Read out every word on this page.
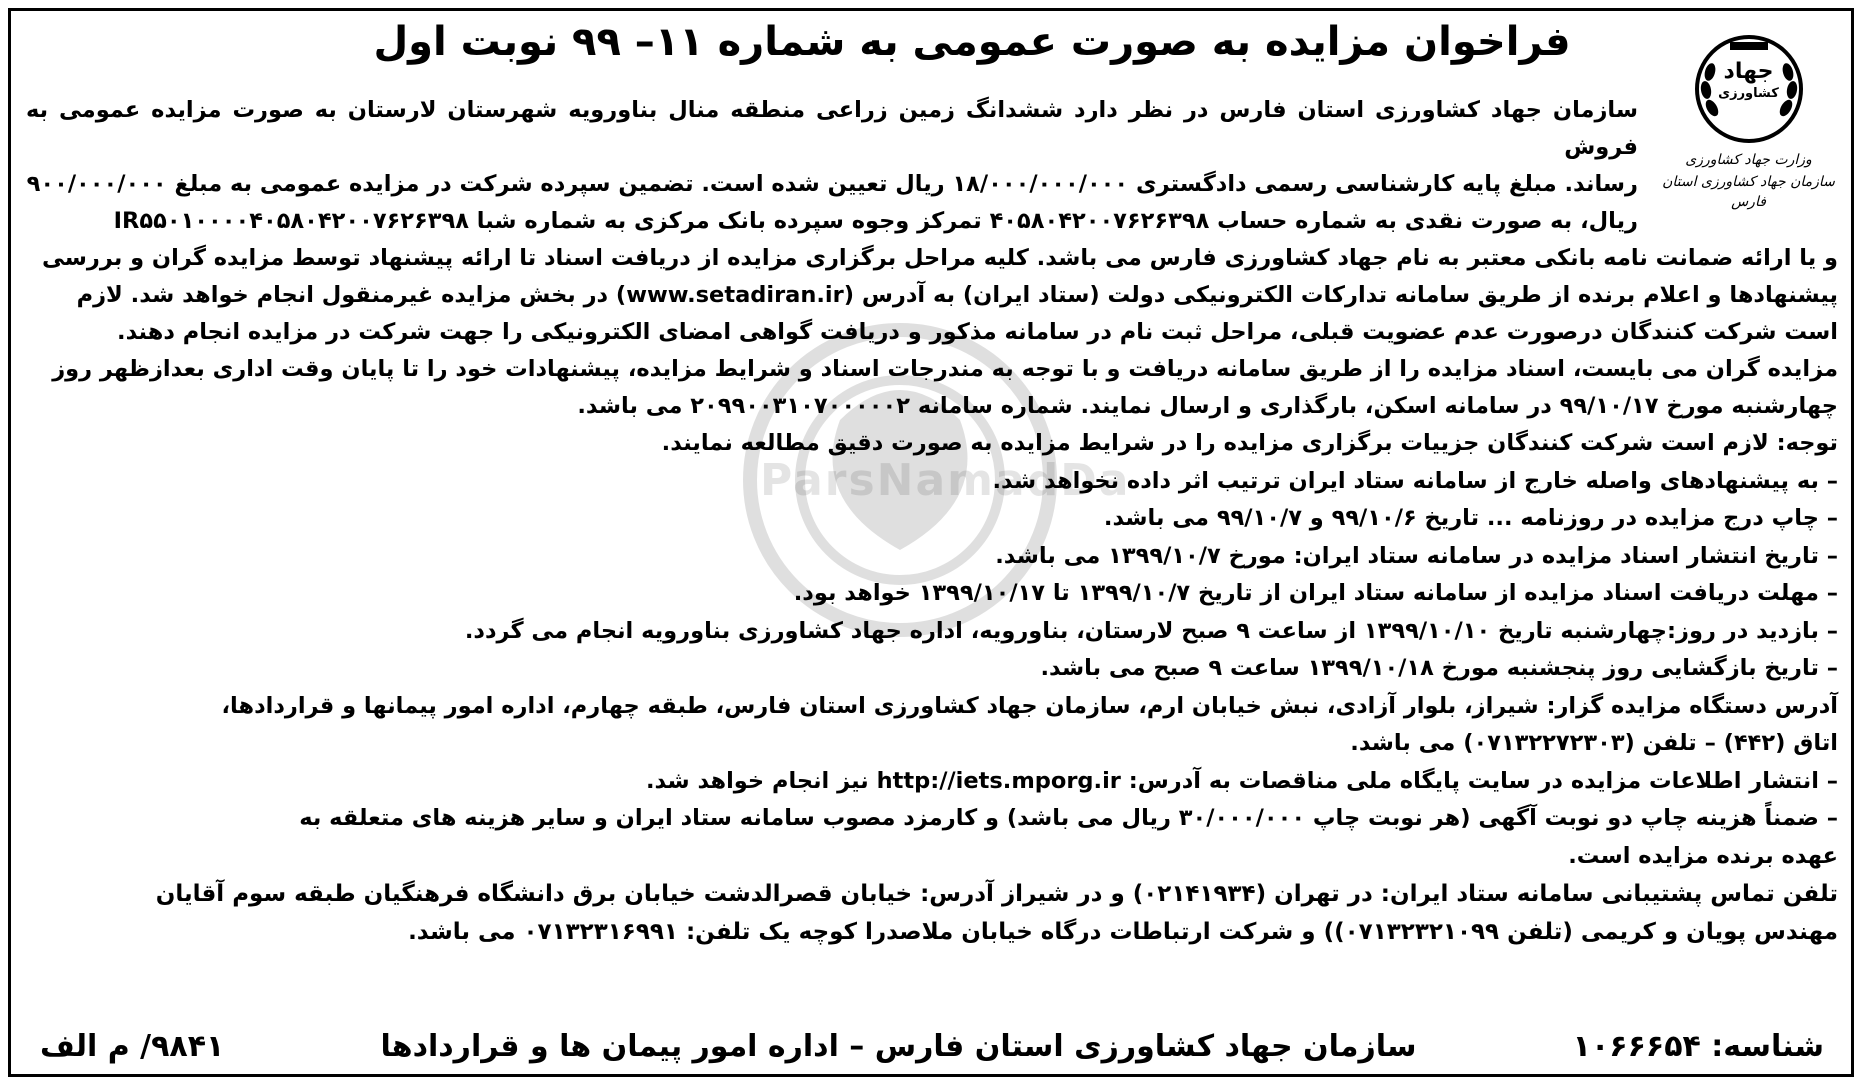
ParsNamadDa
جهاد
کشاورزی
وزارت جهاد کشاورزی
سازمان جهاد کشاورزی استان فارس
فراخوان مزایده به صورت عمومی به شماره ۱۱– ۹۹ نوبت اول

سازمان جهاد کشاورزی استان فارس در نظر دارد ششدانگ زمین زراعی منطقه منال بناورویه شهرستان لارستان به صورت مزایده عمومی به فروش

رساند. مبلغ پایه کارشناسی رسمی دادگستری ۱۸/۰۰۰/۰۰۰/۰۰۰ ریال تعیین شده است. تضمین سپرده شرکت در مزایده عمومی به مبلغ ۹۰۰/۰۰۰/۰۰۰

ریال، به صورت نقدی به شماره حساب ۴۰۵۸۰۴۲۰۰۷۶۲۶۳۹۸ تمرکز وجوه سپرده بانک مرکزی به شماره شبا IR۵۵۰۱۰۰۰۰۴۰۵۸۰۴۲۰۰۷۶۲۶۳۹۸

و یا ارائه ضمانت نامه بانکی معتبر به نام جهاد کشاورزی فارس می باشد. کلیه مراحل برگزاری مزایده از دریافت اسناد تا ارائه پیشنهاد توسط مزایده گران و بررسی

پیشنهادها و اعلام برنده از طریق سامانه تدارکات الکترونیکی دولت (ستاد ایران) به آدرس (www.setadiran.ir) در بخش مزایده غیرمنقول انجام خواهد شد. لازم

است شرکت کنندگان درصورت عدم عضویت قبلی، مراحل ثبت نام در سامانه مذکور و دریافت گواهی امضای الکترونیکی را جهت شرکت در مزایده انجام دهند.

مزایده گران می بایست، اسناد مزایده را از طریق سامانه دریافت و با توجه به مندرجات اسناد و شرایط مزایده، پیشنهادات خود را تا پایان وقت اداری بعدازظهر روز

چهارشنبه مورخ ۹۹/۱۰/۱۷ در سامانه اسکن، بارگذاری و ارسال نمایند. شماره سامانه ۲۰۹۹۰۰۳۱۰۷۰۰۰۰۰۲ می باشد.

توجه: لازم است شرکت کنندگان جزییات برگزاری مزایده را در شرایط مزایده به صورت دقیق مطالعه نمایند.
– به پیشنهادهای واصله خارج از سامانه ستاد ایران ترتیب اثر داده نخواهد شد.
– چاپ درج مزایده در روزنامه ... تاریخ ۹۹/۱۰/۶ و ۹۹/۱۰/۷ می باشد.
– تاریخ انتشار اسناد مزایده در سامانه ستاد ایران: مورخ ۱۳۹۹/۱۰/۷ می باشد.
– مهلت دریافت اسناد مزایده از سامانه ستاد ایران از تاریخ ۱۳۹۹/۱۰/۷ تا ۱۳۹۹/۱۰/۱۷ خواهد بود.
– بازدید در روز:چهارشنبه تاریخ ۱۳۹۹/۱۰/۱۰ از ساعت ۹ صبح لارستان، بناورویه، اداره جهاد کشاورزی بناورویه انجام می گردد.
– تاریخ بازگشایی روز پنجشنبه مورخ ۱۳۹۹/۱۰/۱۸ ساعت ۹ صبح می باشد.
آدرس دستگاه مزایده گزار: شیراز، بلوار آزادی، نبش خیابان ارم، سازمان جهاد کشاورزی استان فارس، طبقه چهارم، اداره امور پیمانها و قراردادها،
اتاق (۴۴۲) – تلفن (۰۷۱۳۲۲۷۲۳۰۳) می باشد.
– انتشار اطلاعات مزایده در سایت پایگاه ملی مناقصات به آدرس: http://iets.mporg.ir نیز انجام خواهد شد.
– ضمناً هزینه چاپ دو نوبت آگهی (هر نوبت چاپ ۳۰/۰۰۰/۰۰۰ ریال می باشد) و کارمزد مصوب سامانه ستاد ایران و سایر هزینه های متعلقه به
عهده برنده مزایده است.

تلفن تماس پشتیبانی سامانه ستاد ایران: در تهران (۰۲۱۴۱۹۳۴) و در شیراز آدرس: خیابان قصرالدشت خیابان برق دانشگاه فرهنگیان طبقه سوم آقایان

مهندس پویان و کریمی (تلفن ۰۷۱۳۲۳۲۱۰۹۹)) و شرکت ارتباطات درگاه خیابان ملاصدرا کوچه یک تلفن: ۰۷۱۳۲۳۱۶۹۹۱ می باشد.

شناسه: ۱۰۶۶۶۵۴
سازمان جهاد کشاورزی استان فارس – اداره امور پیمان ها و قراردادها
۹۸۴۱/ م الف
